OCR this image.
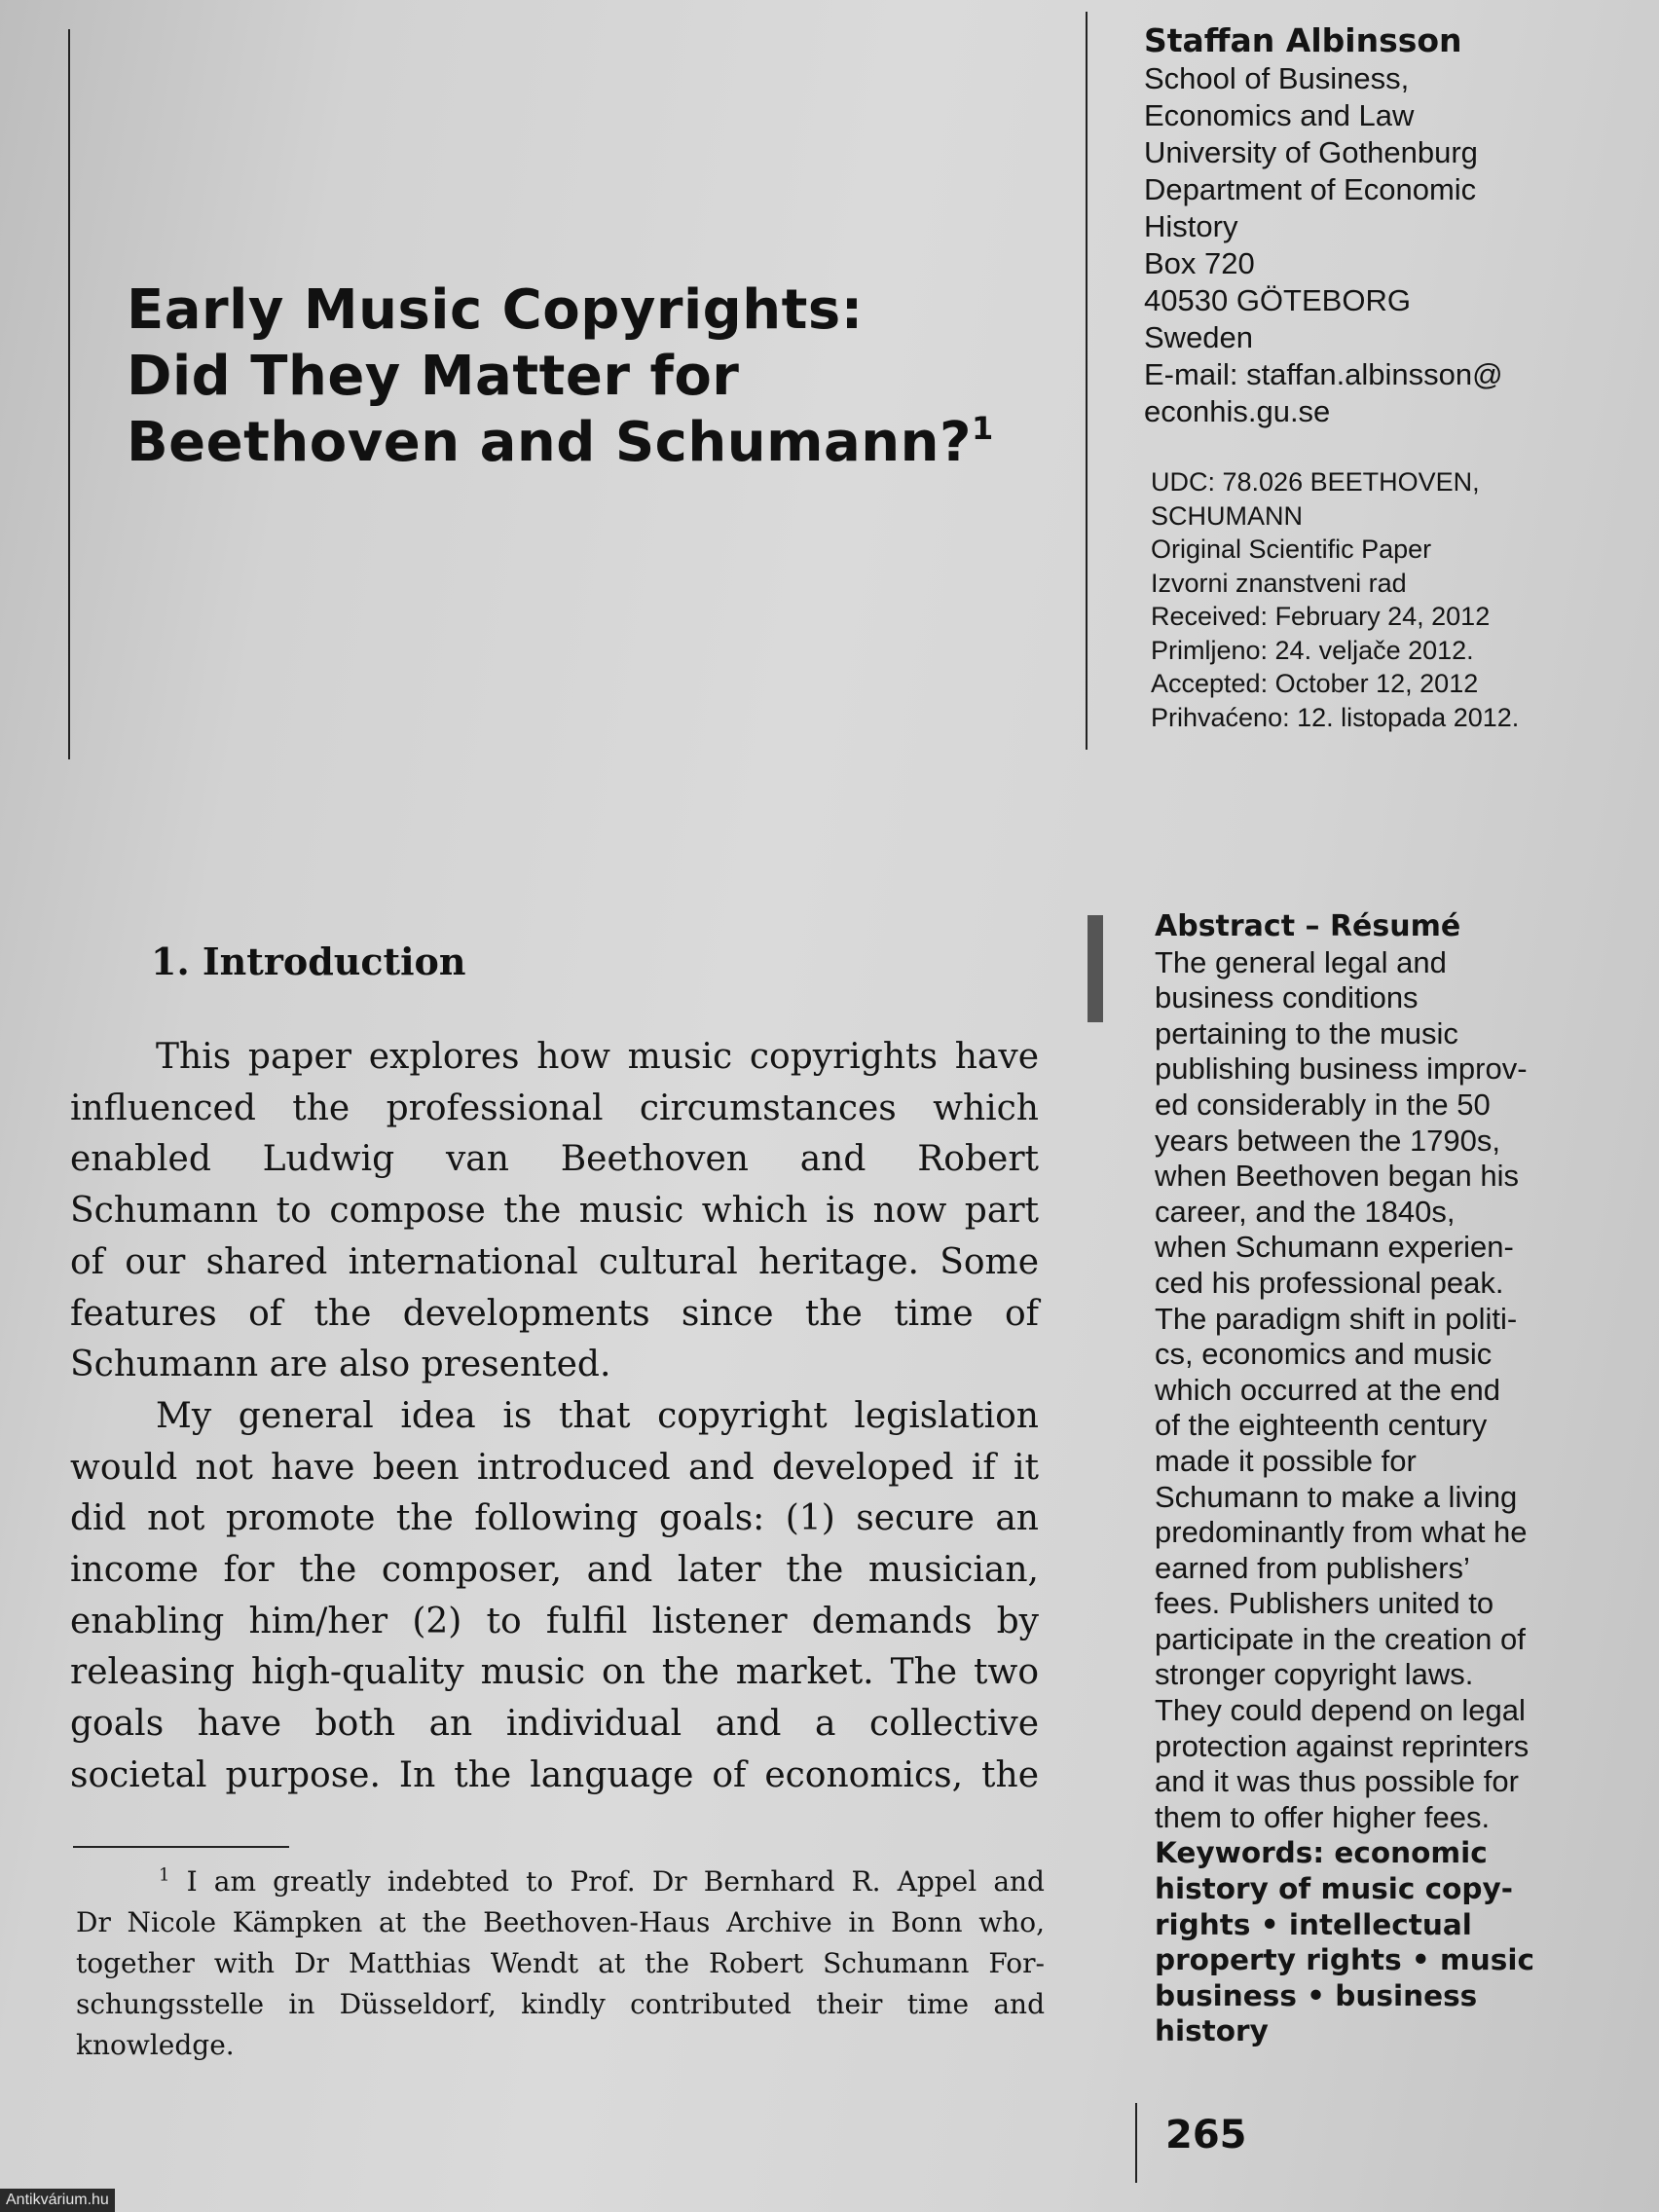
Early Music Copyrights:
Did They Matter for
Beethoven and Schumann?$^1$
Staffan Albinsson
School of Business,
Economics and Law
University of Gothenburg
Department of Economic
History
Box 720
40530 GÖTEBORG
Sweden
E-mail: staffan.albinsson@
econhis.gu.se
UDC: 78.026 BEETHOVEN,
SCHUMANN
Original Scientific Paper
Izvorni znanstveni rad
Received: February 24, 2012
Primljeno: 24. veljače 2012.
Accepted: October 12, 2012
Prihvaćeno: 12. listopada 2012.
Abstract – Résumé
The general legal and
business conditions
pertaining to the music
publishing business improv-
ed considerably in the 50
years between the 1790s,
when Beethoven began his
career, and the 1840s,
when Schumann experien-
ced his professional peak.
The paradigm shift in politi-
cs, economics and music
which occurred at the end
of the eighteenth century
made it possible for
Schumann to make a living
predominantly from what he
earned from publishers’
fees. Publishers united to
participate in the creation of
stronger copyright laws.
They could depend on legal
protection against reprinters
and it was thus possible for
them to offer higher fees.
Keywords: economic
history of music copy-
rights • intellectual
property rights • music
business • business
history
1. Introduction
This paper explores how music copyrights have
influenced the professional circumstances which
enabled Ludwig van Beethoven and Robert
Schumann to compose the music which is now part
of our shared international cultural heritage. Some
features of the developments since the time of
Schumann are also presented.
My general idea is that copyright legislation
would not have been introduced and developed if it
did not promote the following goals: (1) secure an
income for the composer, and later the musician,
enabling him/her (2) to fulfil listener demands by
releasing high-quality music on the market. The two
goals have both an individual and a collective
societal purpose. In the language of economics, the
$^1$ I am greatly indebted to Prof. Dr Bernhard R. Appel and
Dr Nicole Kämpken at the Beethoven-Haus Archive in Bonn who,
together with Dr Matthias Wendt at the Robert Schumann For-
schungsstelle in Düsseldorf, kindly contributed their time and
knowledge.
265
Antikvárium.hu
